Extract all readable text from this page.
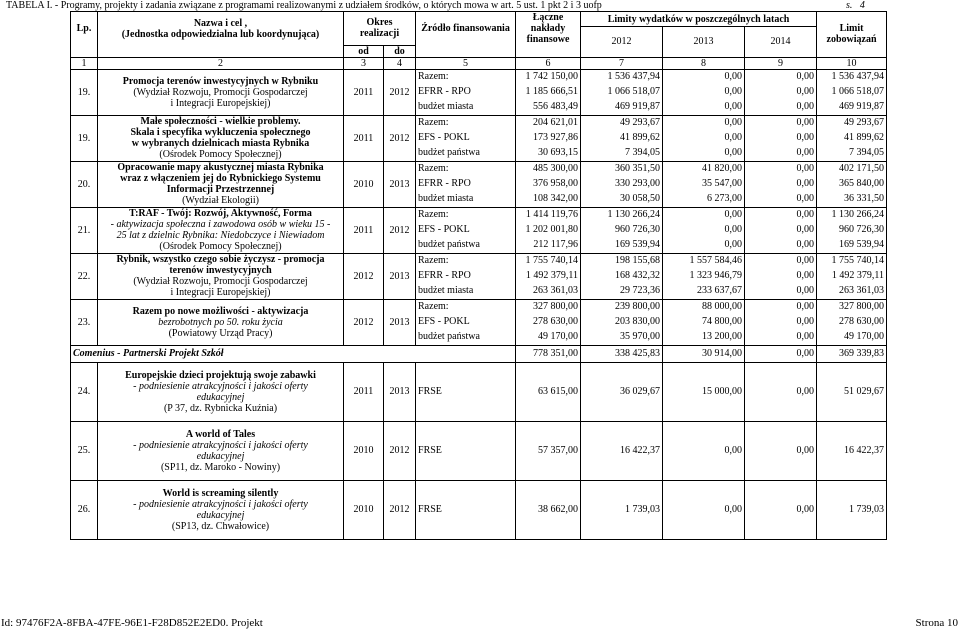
TABELA I. - Programy, projekty i zadania związane z programami realizowanymi z udziałem środków, o których mowa w art. 5 ust. 1 pkt 2 i 3 uofp	s. 4
Lp.	Nazwa i cel ,
(Jednostka odpowiedzialna lub koordynująca)	Okres realizacji		Źródło finansowania	Łączne nakłady finansowe	Limity wydatków w poszczególnych latach			Limit zobowiązań
						2012	2013	2014	
		od	do						
1	2	3	4	5	6	7	8	9	10
19.	Promocja terenów inwestycyjnych w Rybniku
(Wydział Rozwoju, Promocji Gospodarczej
i Integracji Europejskiej)	2011	2012	Razem:	1 742 150,00	1 536 437,94	0,00	0,00	1 536 437,94
				EFRR - RPO	1 185 666,51	1 066 518,07	0,00	0,00	1 066 518,07
				budżet miasta	556 483,49	469 919,87	0,00	0,00	469 919,87
19.	Małe społeczności - wielkie problemy.
Skala i specyfika wykluczenia społecznego
w wybranych dzielnicach miasta Rybnika
(Ośrodek Pomocy Społecznej)	2011	2012	Razem:	204 621,01	49 293,67	0,00	0,00	49 293,67
				EFS - POKL	173 927,86	41 899,62	0,00	0,00	41 899,62
				budżet państwa	30 693,15	7 394,05	0,00	0,00	7 394,05
20.	Opracowanie mapy akustycznej miasta Rybnika
wraz z włączeniem jej do Rybnickiego Systemu
Informacji Przestrzennej
(Wydział Ekologii)	2010	2013	Razem:	485 300,00	360 351,50	41 820,00	0,00	402 171,50
				EFRR - RPO	376 958,00	330 293,00	35 547,00	0,00	365 840,00
				budżet miasta	108 342,00	30 058,50	6 273,00	0,00	36 331,50
21.	T:RAF - Twój: Rozwój, Aktywność, Forma
- aktywizacja społeczna i zawodowa osób w wieku 15 -
25 lat z dzielnic Rybnika: Niedobczyce i Niewiadom
(Ośrodek Pomocy Społecznej)	2011	2012	Razem:	1 414 119,76	1 130 266,24	0,00	0,00	1 130 266,24
				EFS - POKL	1 202 001,80	960 726,30	0,00	0,00	960 726,30
				budżet państwa	212 117,96	169 539,94	0,00	0,00	169 539,94
22.	Rybnik, wszystko czego sobie życzysz - promocja
terenów inwestycyjnych
(Wydział Rozwoju, Promocji Gospodarczej
i Integracji Europejskiej)	2012	2013	Razem:	1 755 740,14	198 155,68	1 557 584,46	0,00	1 755 740,14
				EFRR - RPO	1 492 379,11	168 432,32	1 323 946,79	0,00	1 492 379,11
				budżet miasta	263 361,03	29 723,36	233 637,67	0,00	263 361,03
23.	Razem po nowe możliwości - aktywizacja
bezrobotnych po 50. roku życia
(Powiatowy Urząd Pracy)	2012	2013	Razem:	327 800,00	239 800,00	88 000,00	0,00	327 800,00
				EFS - POKL	278 630,00	203 830,00	74 800,00	0,00	278 630,00
				budżet państwa	49 170,00	35 970,00	13 200,00	0,00	49 170,00
Comenius - Partnerski Projekt Szkół					778 351,00	338 425,83	30 914,00	0,00	369 339,83
24.	Europejskie dzieci projektują swoje zabawki
- podniesienie atrakcyjności i jakości oferty
edukacyjnej
(P 37, dz. Rybnicka Kuźnia)	2011	2013	FRSE	63 615,00	36 029,67	15 000,00	0,00	51 029,67
25.	A world of Tales
- podniesienie atrakcyjności i jakości oferty
edukacyjnej
(SP11, dz. Maroko - Nowiny)	2010	2012	FRSE	57 357,00	16 422,37	0,00	0,00	16 422,37
26.	World is screaming silently
- podniesienie atrakcyjności i jakości oferty
edukacyjnej
(SP13, dz. Chwałowice)	2010	2012	FRSE	38 662,00	1 739,03	0,00	0,00	1 739,03
Id: 97476F2A-8FBA-47FE-96E1-F28D852E2ED0. Projekt	Strona 10
